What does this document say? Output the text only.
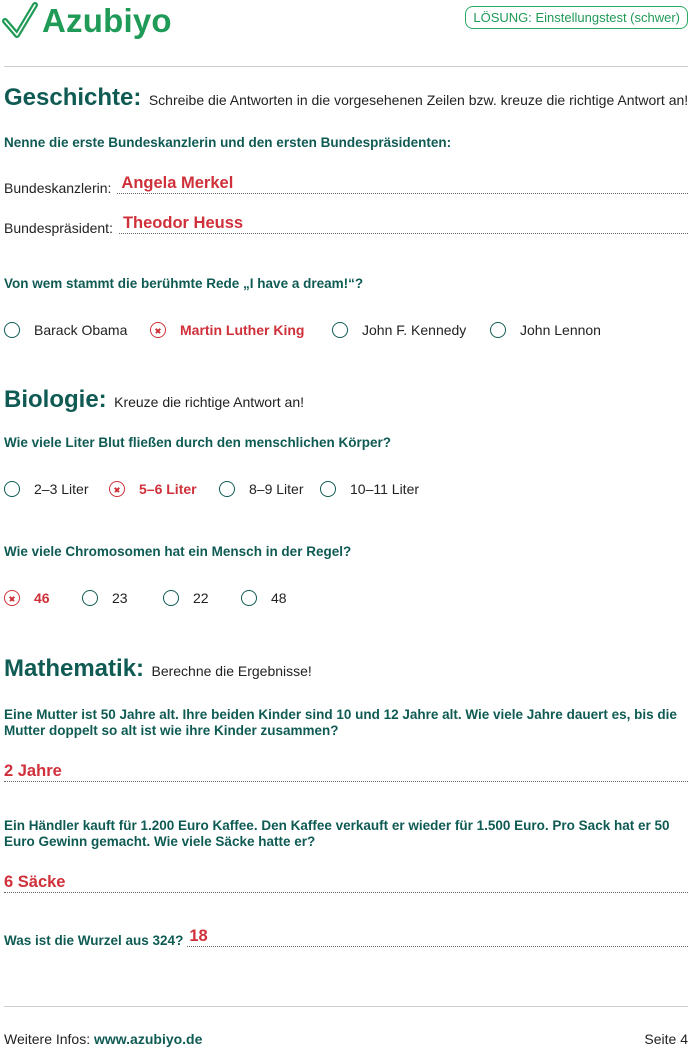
Azubiyo	LÖSUNG: Einstellungstest (schwer)
Geschichte: Schreibe die Antworten in die vorgesehenen Zeilen bzw. kreuze die richtige Antwort an!
Nenne die erste Bundeskanzlerin und den ersten Bundespräsidenten:
Bundeskanzlerin: Angela Merkel
Bundespräsident: Theodor Heuss
Von wem stammt die berühmte Rede „I have a dream!“?
Barack Obama	Martin Luther King	John F. Kennedy	John Lennon
Biologie: Kreuze die richtige Antwort an!
Wie viele Liter Blut fließen durch den menschlichen Körper?
2–3 Liter	5–6 Liter	8–9 Liter	10–11 Liter
Wie viele Chromosomen hat ein Mensch in der Regel?
46	23	22	48
Mathematik: Berechne die Ergebnisse!
Eine Mutter ist 50 Jahre alt. Ihre beiden Kinder sind 10 und 12 Jahre alt. Wie viele Jahre dauert es, bis die Mutter doppelt so alt ist wie ihre Kinder zusammen?
2 Jahre
Ein Händler kauft für 1.200 Euro Kaffee. Den Kaffee verkauft er wieder für 1.500 Euro. Pro Sack hat er 50 Euro Gewinn gemacht. Wie viele Säcke hatte er?
6 Säcke
Was ist die Wurzel aus 324? 18
Weitere Infos: www.azubiyo.de	Seite 4
